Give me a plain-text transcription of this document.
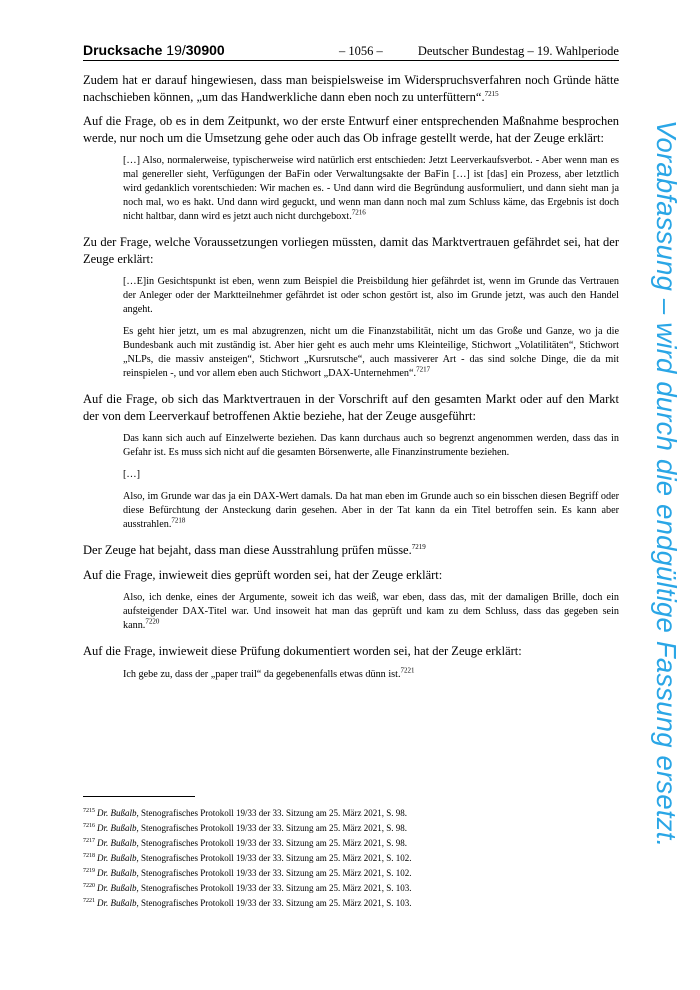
Drucksache 19/30900	– 1056 –	Deutscher Bundestag – 19. Wahlperiode

Zudem hat er darauf hingewiesen, dass man beispielsweise im Widerspruchsverfahren noch Gründe hätte nachschieben können, „um das Handwerkliche dann eben noch zu unterfüttern“.$^{7215}$

Auf die Frage, ob es in dem Zeitpunkt, wo der erste Entwurf einer entsprechenden Maßnahme besprochen werde, nur noch um die Umsetzung gehe oder auch das Ob infrage gestellt werde, hat der Zeuge erklärt:

[…] Also, normalerweise, typischerweise wird natürlich erst entschieden: Jetzt Leerverkaufsverbot. - Aber wenn man es mal genereller sieht, Verfügungen der BaFin oder Verwaltungsakte der BaFin […] ist [das] ein Prozess, aber letztlich wird gedanklich vorentschieden: Wir machen es. - Und dann wird die Begründung ausformuliert, und dann sieht man ja noch mal, wo es hakt. Und dann wird geguckt, und wenn man dann noch mal zum Schluss käme, das Ergebnis ist doch nicht haltbar, dann wird es jetzt auch nicht durchgeboxt.$^{7216}$

Zu der Frage, welche Voraussetzungen vorliegen müssten, damit das Marktvertrauen gefährdet sei, hat der Zeuge erklärt:

[…E]in Gesichtspunkt ist eben, wenn zum Beispiel die Preisbildung hier gefährdet ist, wenn im Grunde das Vertrauen der Anleger oder der Marktteilnehmer gefährdet ist oder schon gestört ist, also im Grunde jetzt, was auch den Handel angeht.

Es geht hier jetzt, um es mal abzugrenzen, nicht um die Finanzstabilität, nicht um das Große und Ganze, wo ja die Bundesbank auch mit zuständig ist. Aber hier geht es auch mehr ums Kleinteilige, Stichwort „Volatilitäten“, Stichwort „NLPs, die massiv ansteigen“, Stichwort „Kursrutsche“, auch massiverer Art - das sind solche Dinge, die da mit reinspielen -, und vor allem eben auch Stichwort „DAX-Unternehmen“.$^{7217}$

Auf die Frage, ob sich das Marktvertrauen in der Vorschrift auf den gesamten Markt oder auf den Markt der von dem Leerverkauf betroffenen Aktie beziehe, hat der Zeuge ausgeführt:

Das kann sich auch auf Einzelwerte beziehen. Das kann durchaus auch so begrenzt angenommen werden, dass das in Gefahr ist. Es muss sich nicht auf die gesamten Börsenwerte, alle Finanzinstrumente beziehen.

[…]

Also, im Grunde war das ja ein DAX-Wert damals. Da hat man eben im Grunde auch so ein bisschen diesen Begriff oder diese Befürchtung der Ansteckung darin gesehen. Aber in der Tat kann da ein Titel betroffen sein. Es kann aber ausstrahlen.$^{7218}$

Der Zeuge hat bejaht, dass man diese Ausstrahlung prüfen müsse.$^{7219}$

Auf die Frage, inwieweit dies geprüft worden sei, hat der Zeuge erklärt:

Also, ich denke, eines der Argumente, soweit ich das weiß, war eben, dass das, mit der damaligen Brille, doch ein aufsteigender DAX-Titel war. Und insoweit hat man das geprüft und kam zu dem Schluss, dass das gegeben sein kann.$^{7220}$

Auf die Frage, inwieweit diese Prüfung dokumentiert worden sei, hat der Zeuge erklärt:

Ich gebe zu, dass der „paper trail“ da gegebenenfalls etwas dünn ist.$^{7221}$

$^{7215}$ Dr. Bußalb, Stenografisches Protokoll 19/33 der 33. Sitzung am 25. März 2021, S. 98.
$^{7216}$ Dr. Bußalb, Stenografisches Protokoll 19/33 der 33. Sitzung am 25. März 2021, S. 98.
$^{7217}$ Dr. Bußalb, Stenografisches Protokoll 19/33 der 33. Sitzung am 25. März 2021, S. 98.
$^{7218}$ Dr. Bußalb, Stenografisches Protokoll 19/33 der 33. Sitzung am 25. März 2021, S. 102.
$^{7219}$ Dr. Bußalb, Stenografisches Protokoll 19/33 der 33. Sitzung am 25. März 2021, S. 102.
$^{7220}$ Dr. Bußalb, Stenografisches Protokoll 19/33 der 33. Sitzung am 25. März 2021, S. 103.
$^{7221}$ Dr. Bußalb, Stenografisches Protokoll 19/33 der 33. Sitzung am 25. März 2021, S. 103.
Vorabfassung – wird durch die endgültige Fassung ersetzt.
